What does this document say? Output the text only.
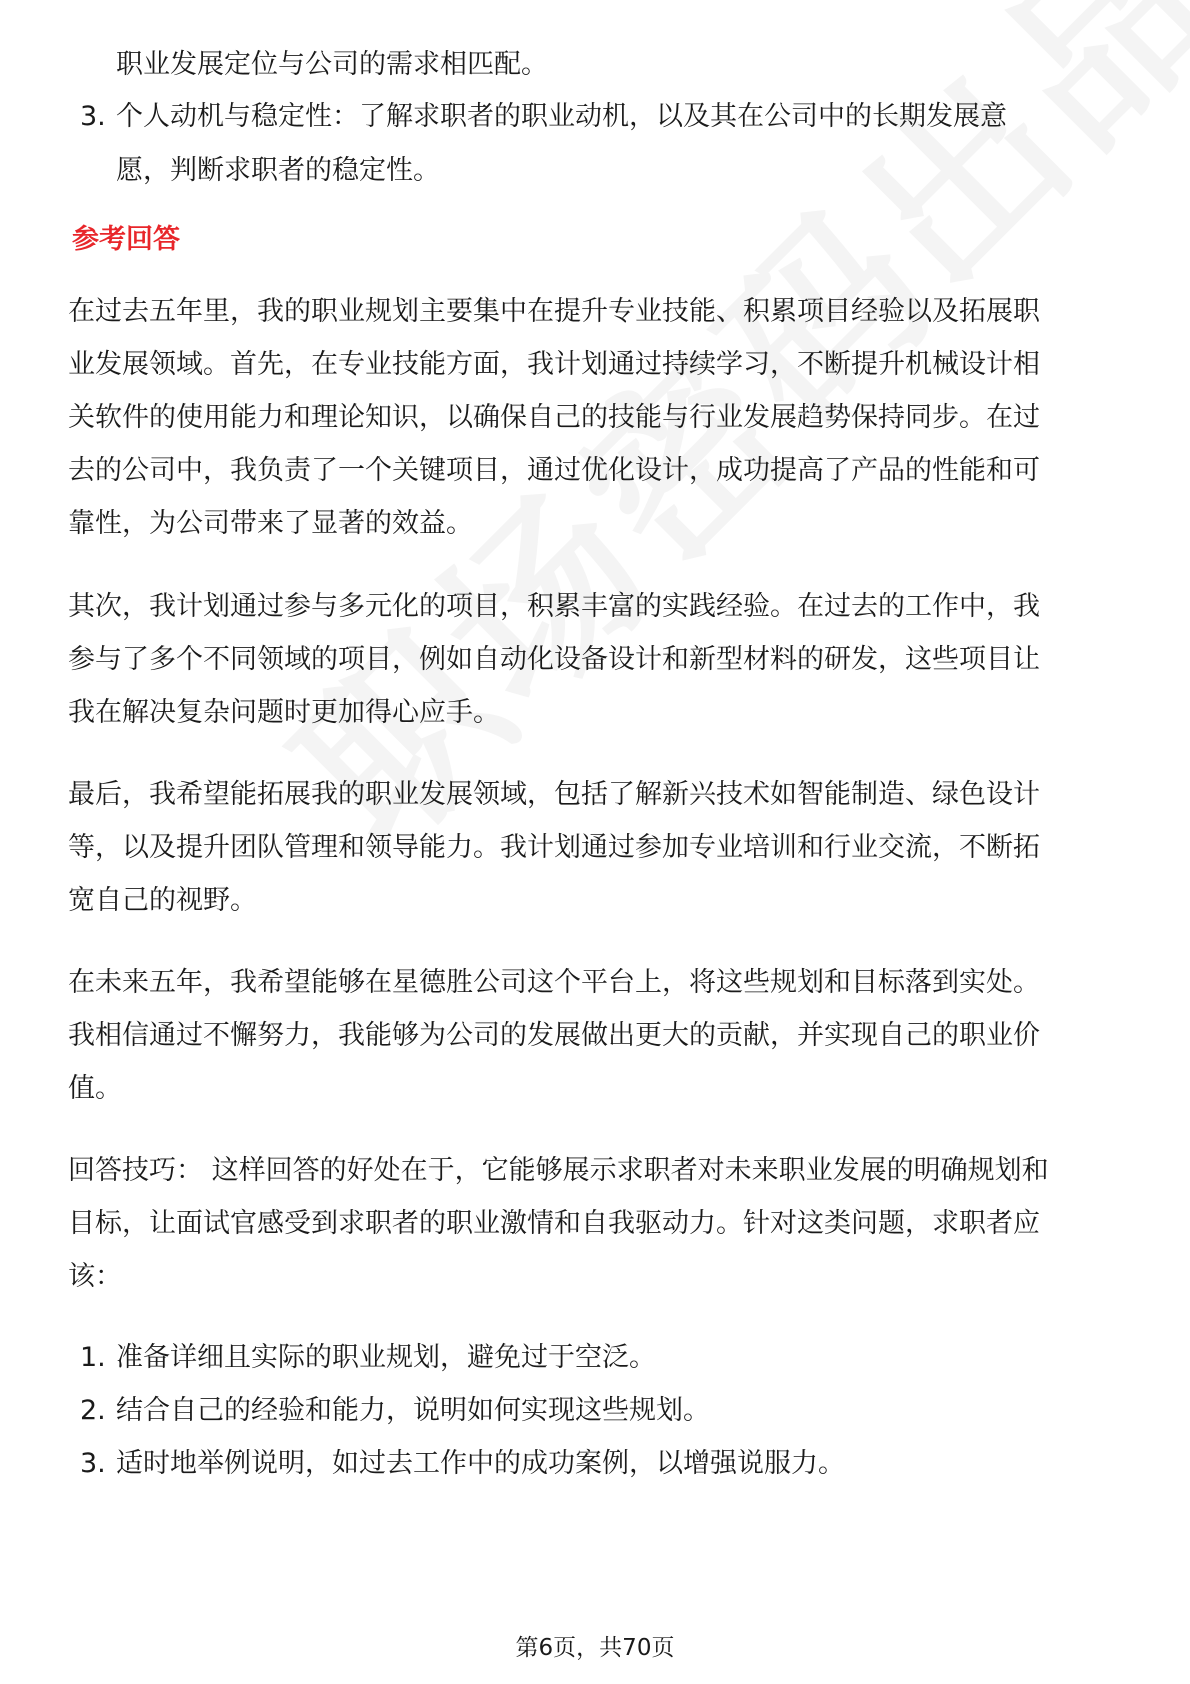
职业发展定位与公司的需求相匹配。
3. 个人动机与稳定性：了解求职者的职业动机，以及其在公司中的长期发展意
愿，判断求职者的稳定性。
参考回答
在过去五年里，我的职业规划主要集中在提升专业技能、积累项目经验以及拓展职
业发展领域。首先，在专业技能方面，我计划通过持续学习，不断提升机械设计相
关软件的使用能力和理论知识，以确保自己的技能与行业发展趋势保持同步。在过
去的公司中，我负责了一个关键项目，通过优化设计，成功提高了产品的性能和可
靠性，为公司带来了显著的效益。
其次，我计划通过参与多元化的项目，积累丰富的实践经验。在过去的工作中，我
参与了多个不同领域的项目，例如自动化设备设计和新型材料的研发，这些项目让
我在解决复杂问题时更加得心应手。
最后，我希望能拓展我的职业发展领域，包括了解新兴技术如智能制造、绿色设计
等，以及提升团队管理和领导能力。我计划通过参加专业培训和行业交流，不断拓
宽自己的视野。
在未来五年，我希望能够在星德胜公司这个平台上，将这些规划和目标落到实处。
我相信通过不懈努力，我能够为公司的发展做出更大的贡献，并实现自己的职业价
值。
回答技巧： 这样回答的好处在于，它能够展示求职者对未来职业发展的明确规划和
目标，让面试官感受到求职者的职业激情和自我驱动力。针对这类问题，求职者应
该：
1. 准备详细且实际的职业规划，避免过于空泛。
2. 结合自己的经验和能力，说明如何实现这些规划。
3. 适时地举例说明，如过去工作中的成功案例，以增强说服力。
第6页，共70页
